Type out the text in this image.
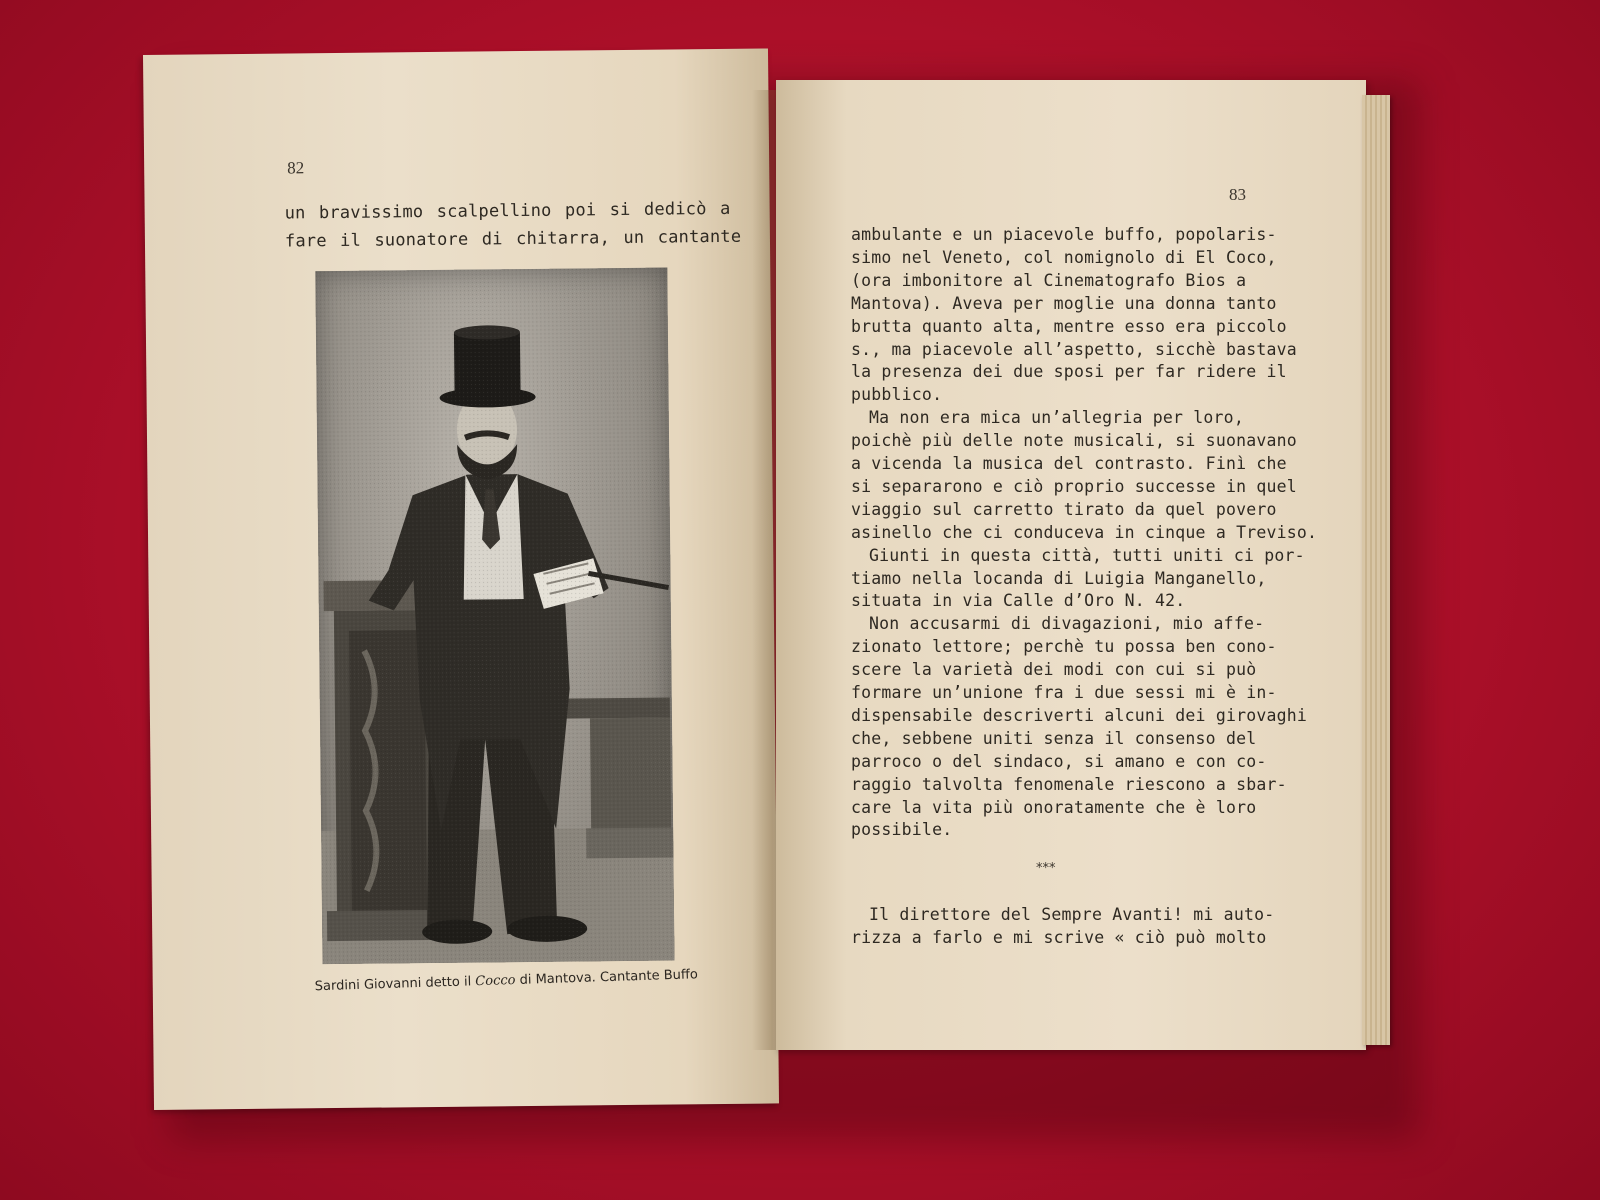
82
un bravissimo scalpellino poi si dedicò a
fare il suonatore di chitarra, un cantante
Sardini Giovanni detto il Cocco di Mantova. Cantante Buffo
83
ambulante e un piacevole buffo, popolaris-
simo nel Veneto, col nomignolo di El Coco,
(ora imbonitore al Cinematografo Bios a
Mantova). Aveva per moglie una donna tanto
brutta quanto alta, mentre esso era piccolo
s., ma piacevole all’aspetto, sicchè bastava
la presenza dei due sposi per far ridere il
pubblico.
Ma non era mica un’allegria per loro,
poichè più delle note musicali, si suonavano
a vicenda la musica del contrasto. Finì che
si separarono e ciò proprio successe in quel
viaggio sul carretto tirato da quel povero
asinello che ci conduceva in cinque a Treviso.
Giunti in questa città, tutti uniti ci por-
tiamo nella locanda di Luigia Manganello,
situata in via Calle d’Oro N. 42.
Non accusarmi di divagazioni, mio affe-
zionato lettore; perchè tu possa ben cono-
scere la varietà dei modi con cui si può
formare un’unione fra i due sessi mi è in-
dispensabile descriverti alcuni dei girovaghi
che, sebbene uniti senza il consenso del
parroco o del sindaco, si amano e con co-
raggio talvolta fenomenale riescono a sbar-
care la vita più onoratamente che è loro
possibile.
***
Il direttore del Sempre Avanti! mi auto-
rizza a farlo e mi scrive « ciò può molto
